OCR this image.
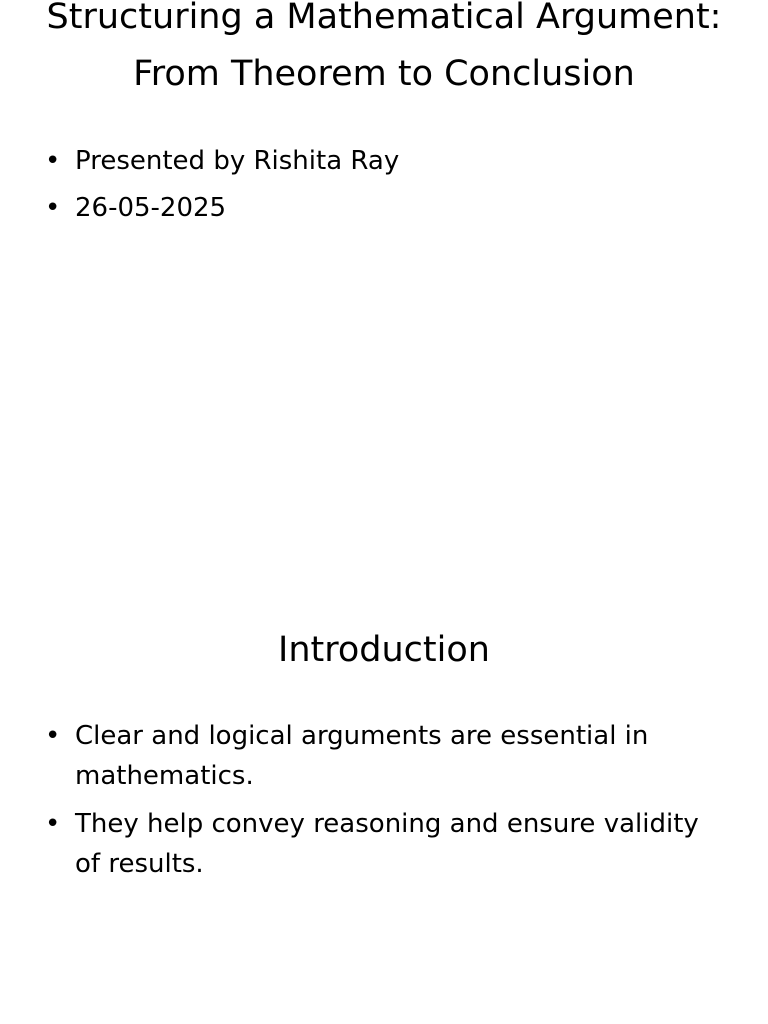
Structuring a Mathematical Argument: From Theorem to Conclusion
• Presented by Rishita Ray
• 26-05-2025
Introduction
• Clear and logical arguments are essential in mathematics.
• They help convey reasoning and ensure validity of results.
